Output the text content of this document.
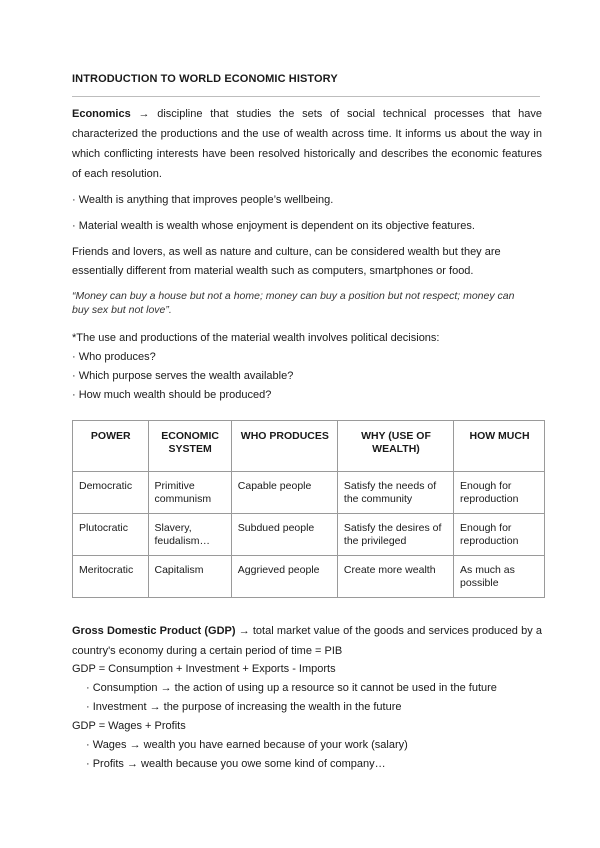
INTRODUCTION TO WORLD ECONOMIC HISTORY
Economics → discipline that studies the sets of social technical processes that have characterized the productions and the use of wealth across time. It informs us about the way in which conflicting interests have been resolved historically and describes the economic features of each resolution.
· Wealth is anything that improves people’s wellbeing.
· Material wealth is wealth whose enjoyment is dependent on its objective features.
Friends and lovers, as well as nature and culture, can be considered wealth but they are essentially different from material wealth such as computers, smartphones or food.
“Money can buy a house but not a home; money can buy a position but not respect; money can buy sex but not love”.
*The use and productions of the material wealth involves political decisions:
· Who produces?
· Which purpose serves the wealth available?
· How much wealth should be produced?
POWER	ECONOMIC SYSTEM	WHO PRODUCES	WHY (USE OF WEALTH)	HOW MUCH
Democratic	Primitive communism	Capable people	Satisfy the needs of the community	Enough for reproduction
Plutocratic	Slavery, feudalism…	Subdued people	Satisfy the desires of the privileged	Enough for reproduction
Meritocratic	Capitalism	Aggrieved people	Create more wealth	As much as possible
Gross Domestic Product (GDP) → total market value of the goods and services produced by a country's economy during a certain period of time = PIB
GDP = Consumption + Investment + Exports - Imports
· Consumption → the action of using up a resource so it cannot be used in the future
· Investment → the purpose of increasing the wealth in the future
GDP = Wages + Profits
· Wages → wealth you have earned because of your work (salary)
· Profits → wealth because you owe some kind of company…
